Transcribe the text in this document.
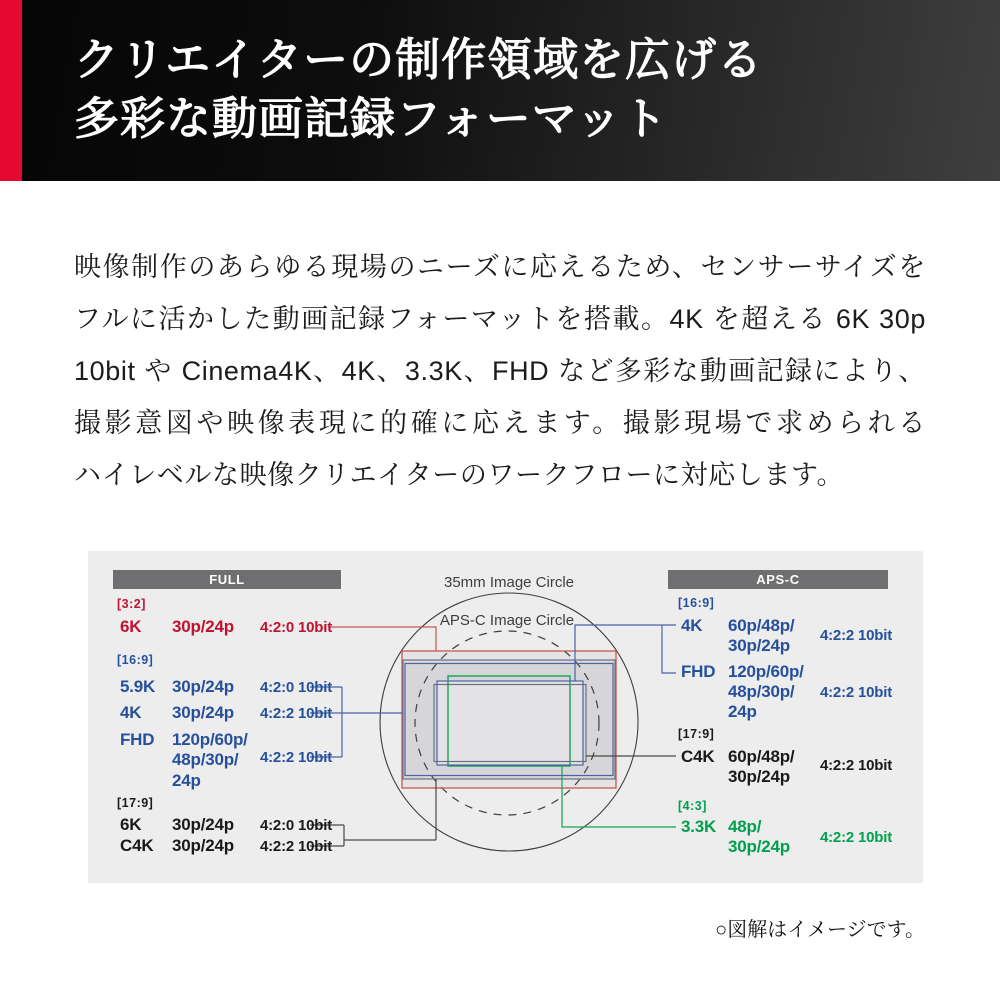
クリエイターの制作領域を広げる
多彩な動画記録フォーマット
映像制作のあらゆる現場のニーズに応えるため、センサーサイズを
フルに活かした動画記録フォーマットを搭載。4K を超える 6K 30p
10bit や Cinema4K、4K、3.3K、FHD など多彩な動画記録により、
撮影意図や映像表現に的確に応えます。撮影現場で求められる
ハイレベルな映像クリエイターのワークフローに対応します。
FULL	APS-C
35mm Image Circle
APS-C Image Circle
[3:2]
6K 30p/24p 4:2:0 10bit
[16:9]
5.9K 30p/24p 4:2:0 10bit
4K 30p/24p 4:2:2 10bit
FHD 120p/60p/
48p/30p/ 4:2:2 10bit
24p
[17:9]
6K 30p/24p 4:2:0 10bit
C4K 30p/24p 4:2:2 10bit
[16:9]
4K 60p/48p/
30p/24p
4:2:2 10bit
FHD 120p/60p/
48p/30p/ 4:2:2 10bit
24p
[17:9]
C4K 60p/48p/
30p/24p
4:2:2 10bit
[4:3]
3.3K 48p/
30p/24p 4:2:2 10bit
○図解はイメージです。
